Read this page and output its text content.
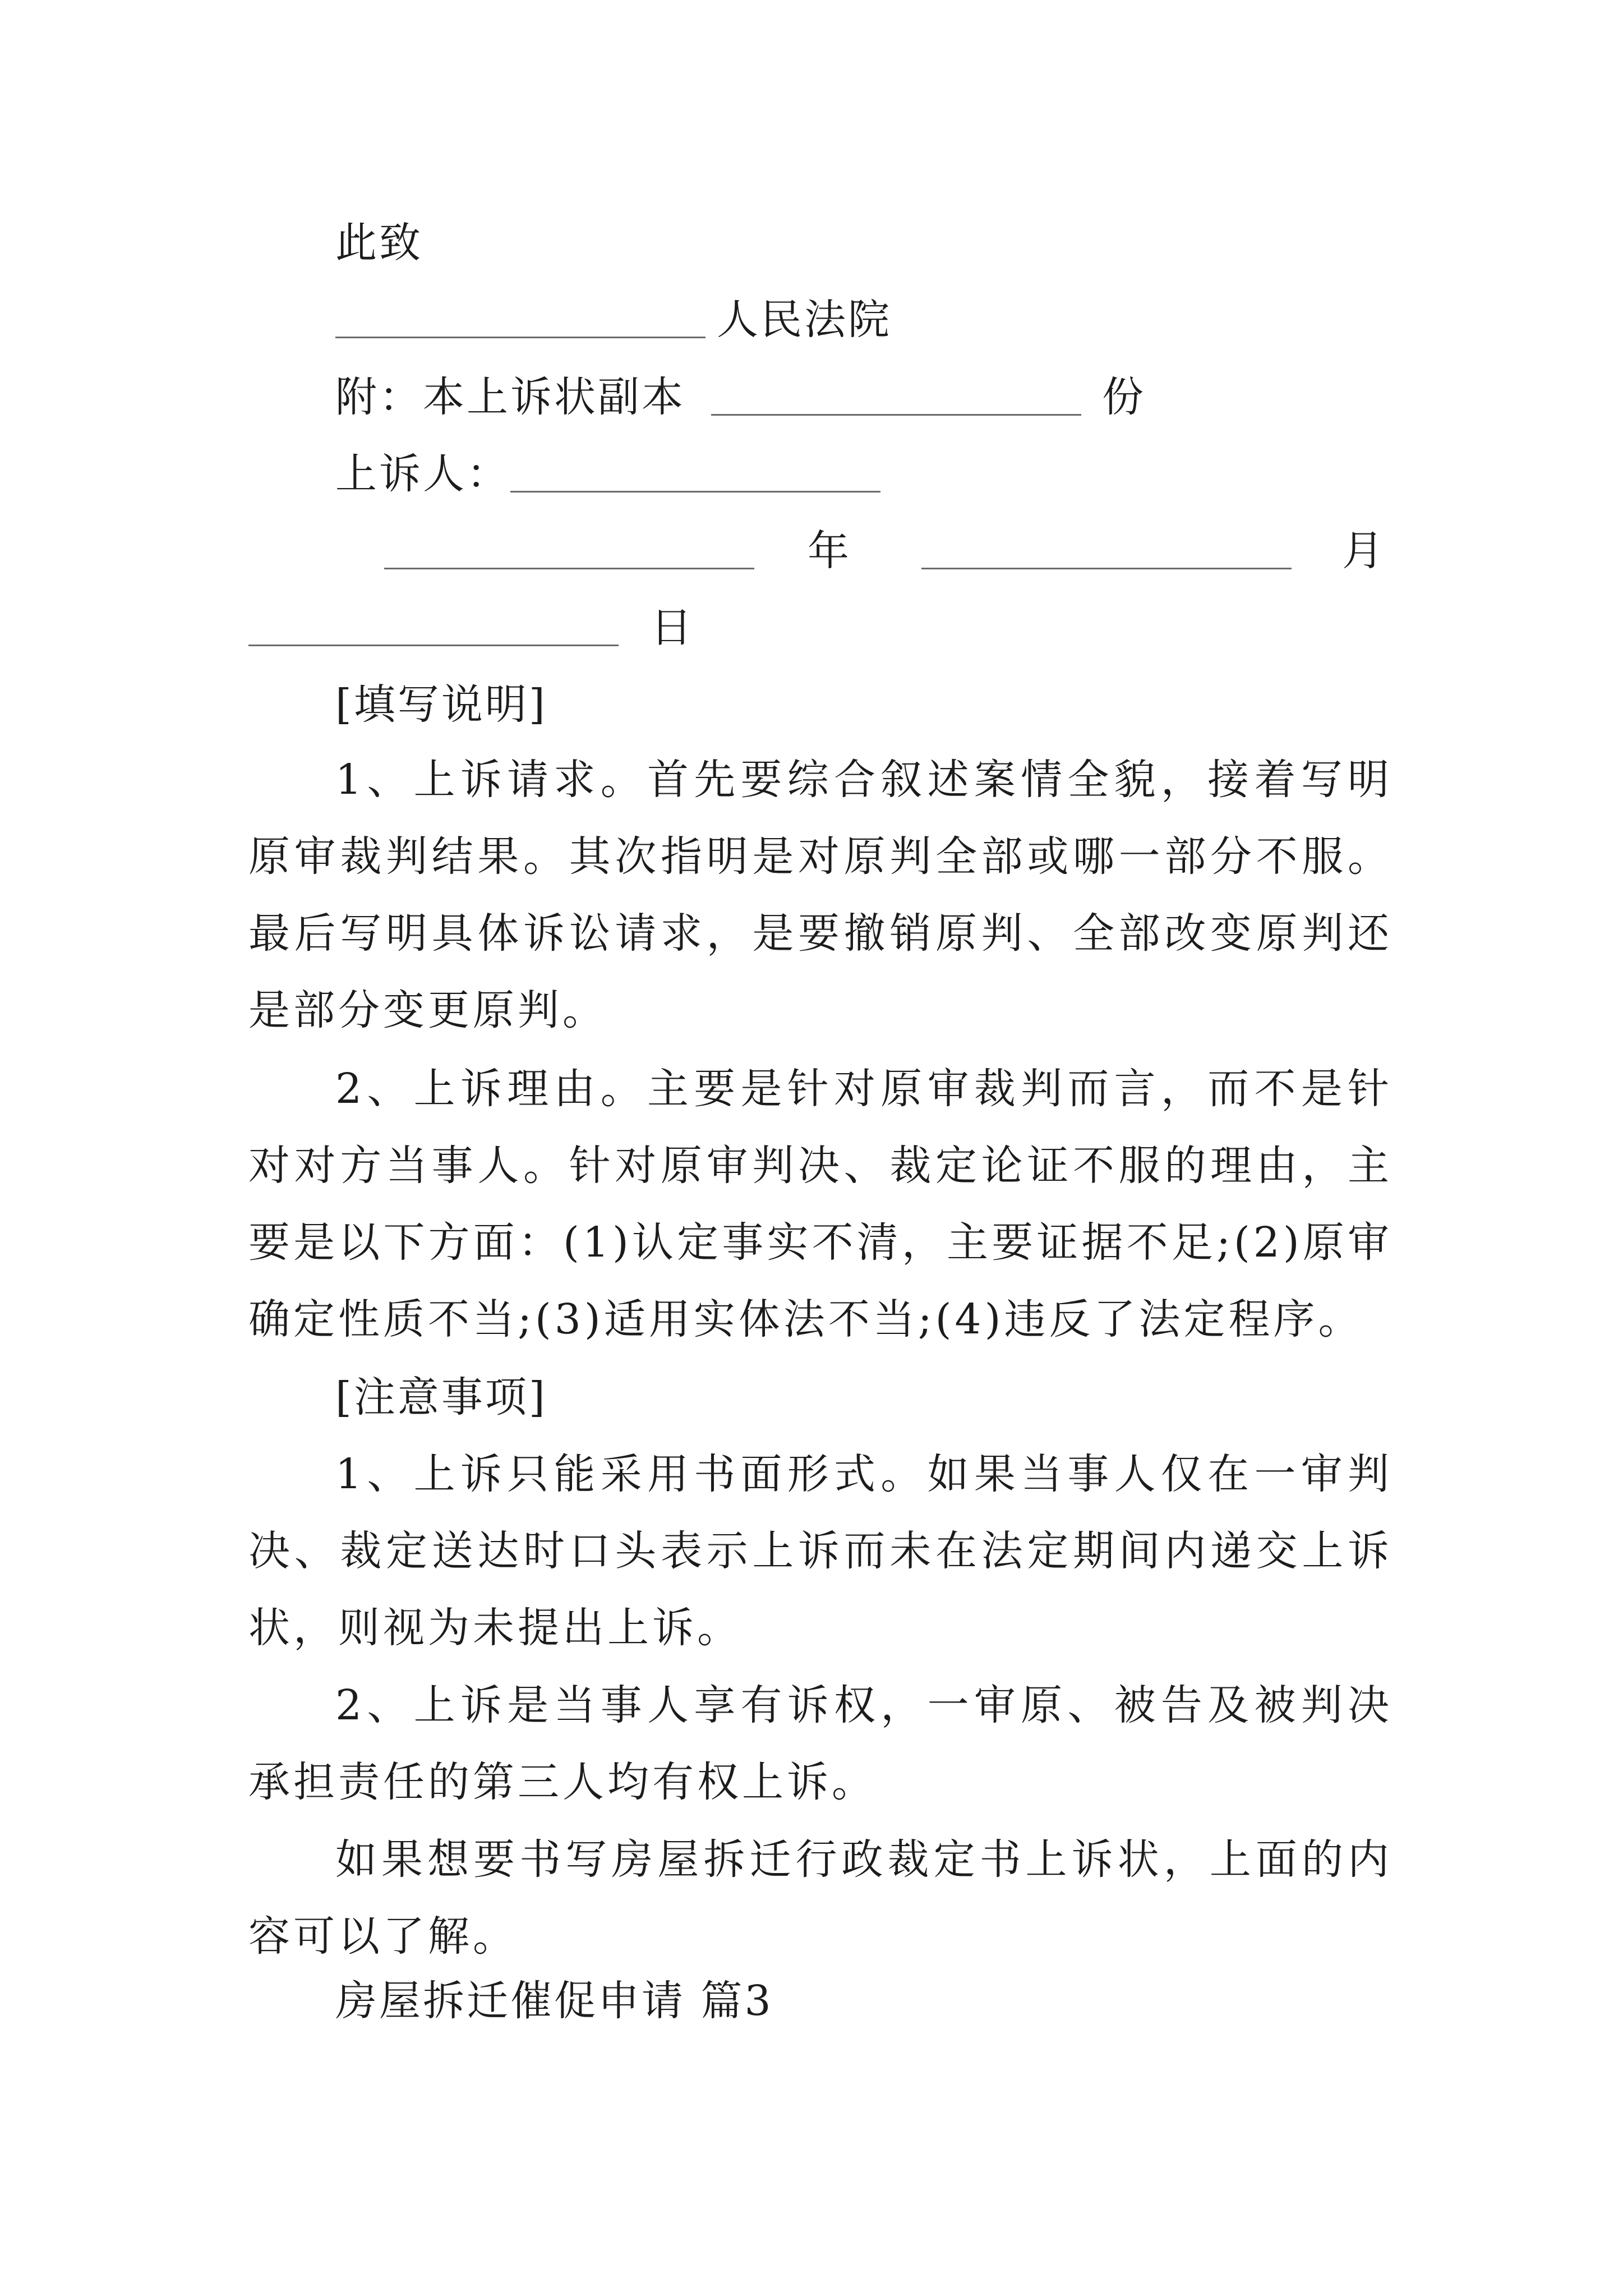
此致
人民法院
附：本上诉状副本	份
上诉人：
年	月
日
[填写说明]

1、上诉请求。首先要综合叙述案情全貌，接着写明原审裁判结果。其次指明是对原判全部或哪一部分不服。最后写明具体诉讼请求，是要撤销原判、全部改变原判还是部分变更原判。

2、上诉理由。主要是针对原审裁判而言，而不是针对对方当事人。针对原审判决、裁定论证不服的理由，主要是以下方面：(1)认定事实不清，主要证据不足;(2)原审确定性质不当;(3)适用实体法不当;(4)违反了法定程序。

[注意事项]

1、上诉只能采用书面形式。如果当事人仅在一审判决、裁定送达时口头表示上诉而未在法定期间内递交上诉状，则视为未提出上诉。

2、上诉是当事人享有诉权，一审原、被告及被判决承担责任的第三人均有权上诉。

如果想要书写房屋拆迁行政裁定书上诉状，上面的内容可以了解。

房屋拆迁催促申请 篇3
